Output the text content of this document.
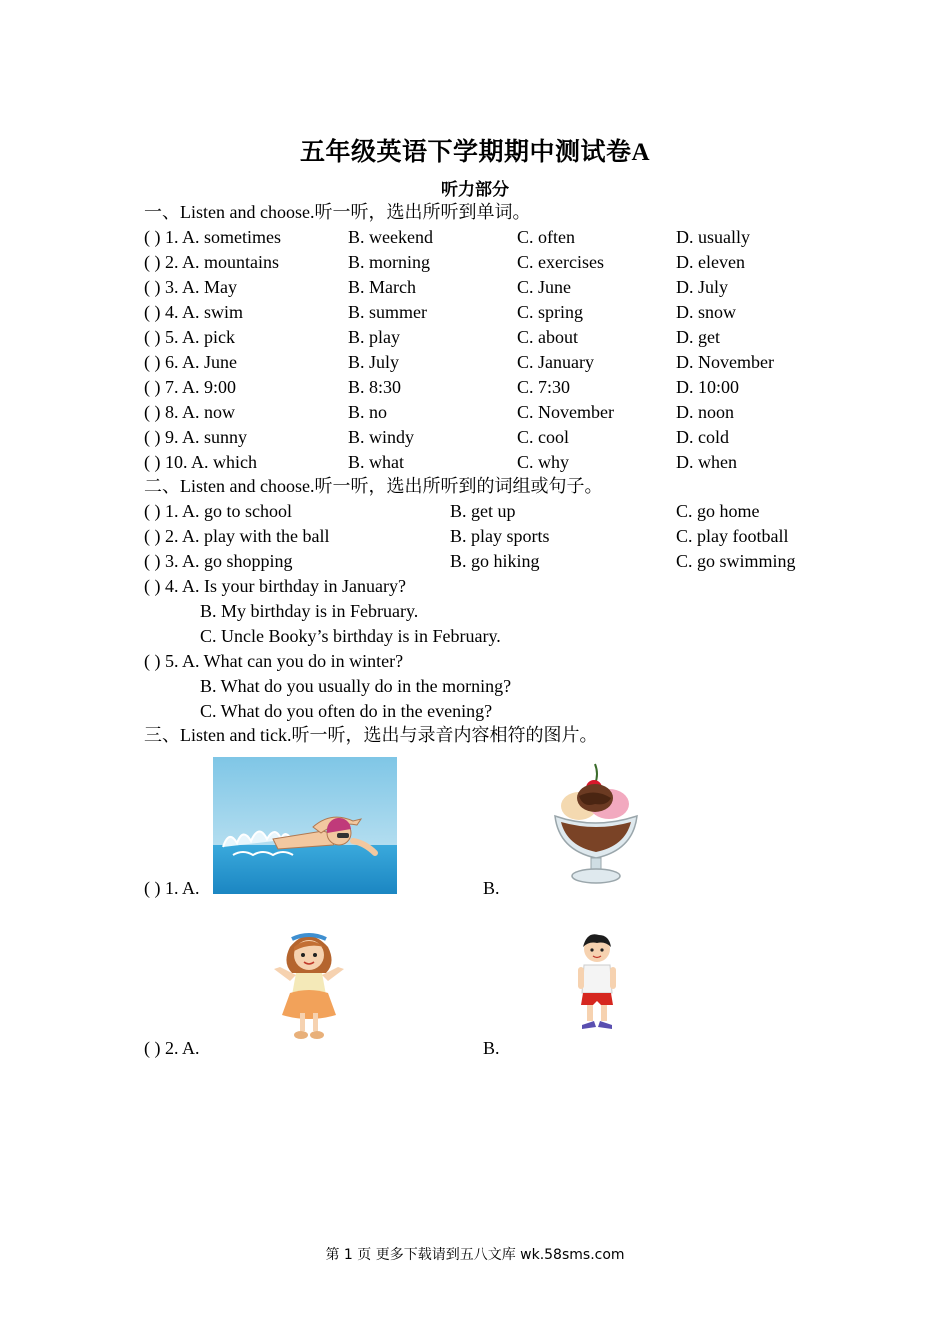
五年级英语下学期期中测试卷A
听力部分
一、Listen and choose.听一听，选出所听到单词。
( ) 1. A. sometimes	B. weekend	C. often	D. usually
( ) 2. A. mountains	B. morning	C. exercises	D. eleven
( ) 3. A. May	B. March	C. June	D. July
( ) 4. A. swim	B. summer	C. spring	D. snow
( ) 5. A. pick	B. play	C. about	D. get
( ) 6. A. June	B. July	C. January	D. November
( ) 7. A. 9:00	B. 8:30	C. 7:30	D. 10:00
( ) 8. A. now	B. no	C. November	D. noon
( ) 9. A. sunny	B. windy	C. cool	D. cold
( ) 10. A. which	B. what	C. why	D. when
二、Listen and choose.听一听，选出所听到的词组或句子。
( ) 1. A. go to school	B. get up	C. go home
( ) 2. A. play with the ball	B. play sports	C. play football
( ) 3. A. go shopping	B. go hiking	C. go swimming
( ) 4. A. Is your birthday in January?
B. My birthday is in February.
C. Uncle Booky’s birthday is in February.
( ) 5. A. What can you do in winter?
B. What do you usually do in the morning?
C. What do you often do in the evening?
三、Listen and tick.听一听，选出与录音内容相符的图片。
( ) 1. A.	B.
( ) 2. A.	B.
第 1 页 更多下载请到五八文库 wk.58sms.com
